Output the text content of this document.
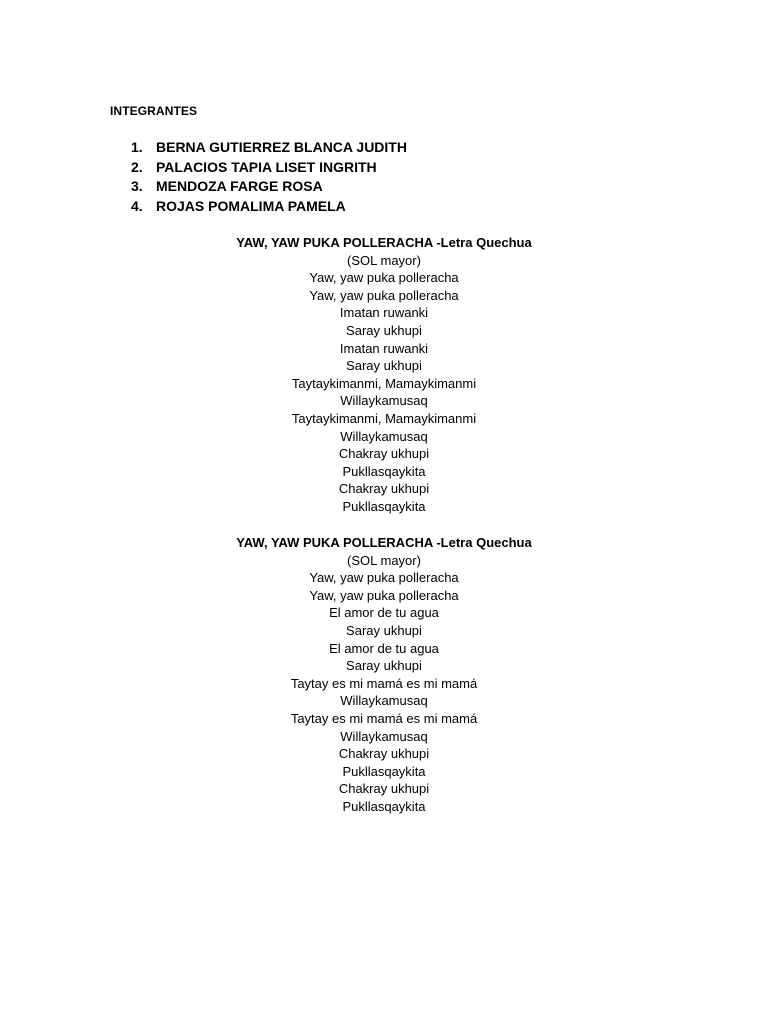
INTEGRANTES
1. BERNA GUTIERREZ BLANCA JUDITH
2. PALACIOS TAPIA LISET INGRITH
3. MENDOZA FARGE ROSA
4. ROJAS POMALIMA PAMELA
YAW, YAW PUKA POLLERACHA -Letra Quechua
(SOL mayor)
Yaw, yaw puka polleracha
Yaw, yaw puka polleracha
Imatan ruwanki
Saray ukhupi
Imatan ruwanki
Saray ukhupi
Taytaykimanmi, Mamaykimanmi
Willaykamusaq
Taytaykimanmi, Mamaykimanmi
Willaykamusaq
Chakray ukhupi
Pukllasqaykita
Chakray ukhupi
Pukllasqaykita
YAW, YAW PUKA POLLERACHA -Letra Quechua
(SOL mayor)
Yaw, yaw puka polleracha
Yaw, yaw puka polleracha
El amor de tu agua
Saray ukhupi
El amor de tu agua
Saray ukhupi
Taytay es mi mamá es mi mamá
Willaykamusaq
Taytay es mi mamá es mi mamá
Willaykamusaq
Chakray ukhupi
Pukllasqaykita
Chakray ukhupi
Pukllasqaykita
